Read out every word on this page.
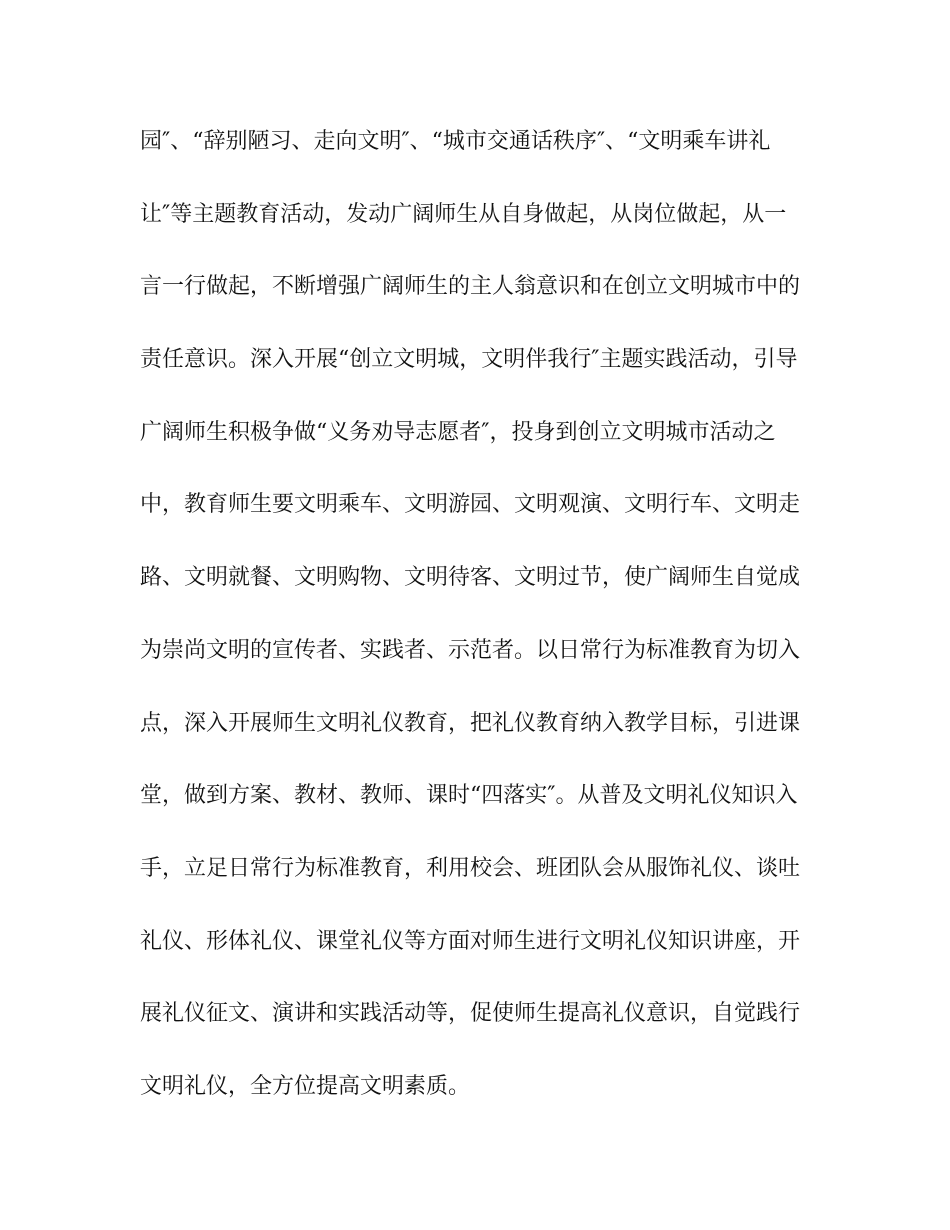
园″、“辞别陋习、走向文明″、“城市交通话秩序″、“文明乘车讲礼
让″等主题教育活动，发动广阔师生从自身做起，从岗位做起，从一
言一行做起，不断增强广阔师生的主人翁意识和在创立文明城市中的
责任意识。深入开展“创立文明城，文明伴我行″主题实践活动，引导
广阔师生积极争做“义务劝导志愿者″，投身到创立文明城市活动之
中，教育师生要文明乘车、文明游园、文明观演、文明行车、文明走
路、文明就餐、文明购物、文明待客、文明过节，使广阔师生自觉成
为崇尚文明的宣传者、实践者、示范者。以日常行为标准教育为切入
点，深入开展师生文明礼仪教育，把礼仪教育纳入教学目标，引进课
堂，做到方案、教材、教师、课时“四落实″。从普及文明礼仪知识入
手，立足日常行为标准教育，利用校会、班团队会从服饰礼仪、谈吐
礼仪、形体礼仪、课堂礼仪等方面对师生进行文明礼仪知识讲座，开
展礼仪征文、演讲和实践活动等，促使师生提高礼仪意识，自觉践行
文明礼仪，全方位提高文明素质。
